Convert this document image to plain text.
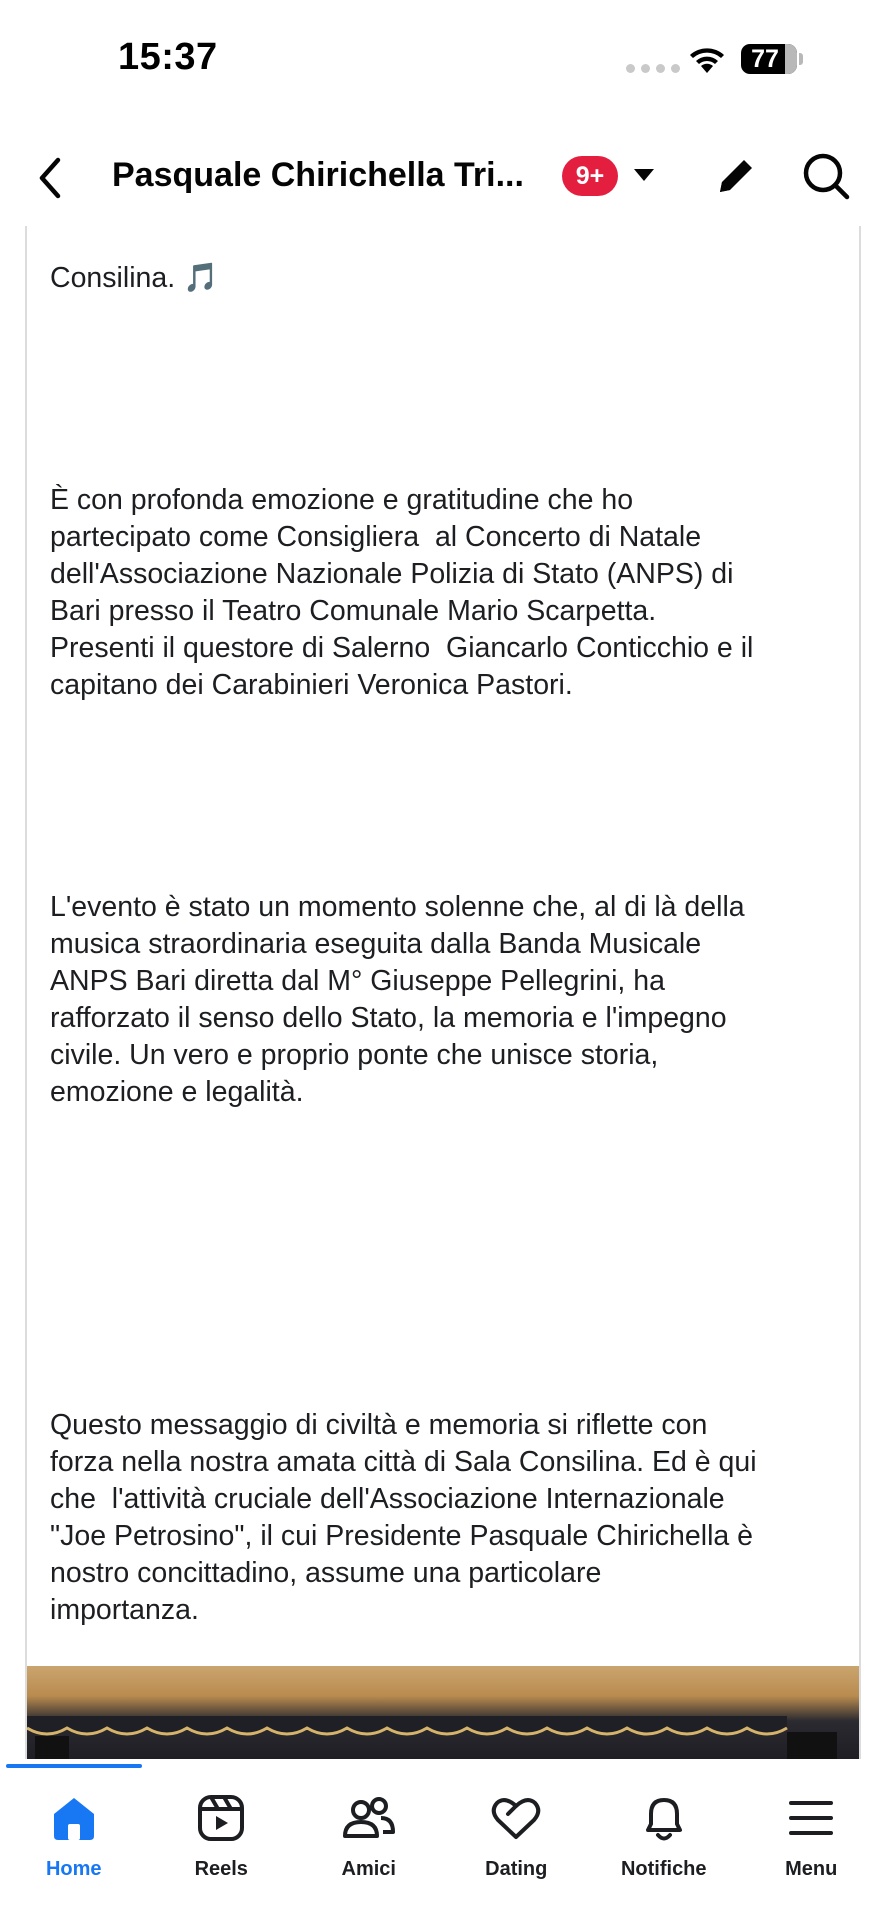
15:37	77
Pasquale Chirichella Tri...	9+

Consilina. 🎵

È con profonda emozione e gratitudine che ho
partecipato come Consigliera  al Concerto di Natale
dell'Associazione Nazionale Polizia di Stato (ANPS) di
Bari presso il Teatro Comunale Mario Scarpetta.
Presenti il questore di Salerno  Giancarlo Conticchio e il
capitano dei Carabinieri Veronica Pastori.

L'evento è stato un momento solenne che, al di là della
musica straordinaria eseguita dalla Banda Musicale
ANPS Bari diretta dal M° Giuseppe Pellegrini, ha
rafforzato il senso dello Stato, la memoria e l'impegno
civile. Un vero e proprio ponte che unisce storia,
emozione e legalità.

Questo messaggio di civiltà e memoria si riflette con
forza nella nostra amata città di Sala Consilina. Ed è qui
che  l'attività cruciale dell'Associazione Internazionale
"Joe Petrosino", il cui Presidente Pasquale Chirichella è
nostro concittadino, assume una particolare
importanza.

Home	Reels	Amici	Dating	Notifiche	Menu
